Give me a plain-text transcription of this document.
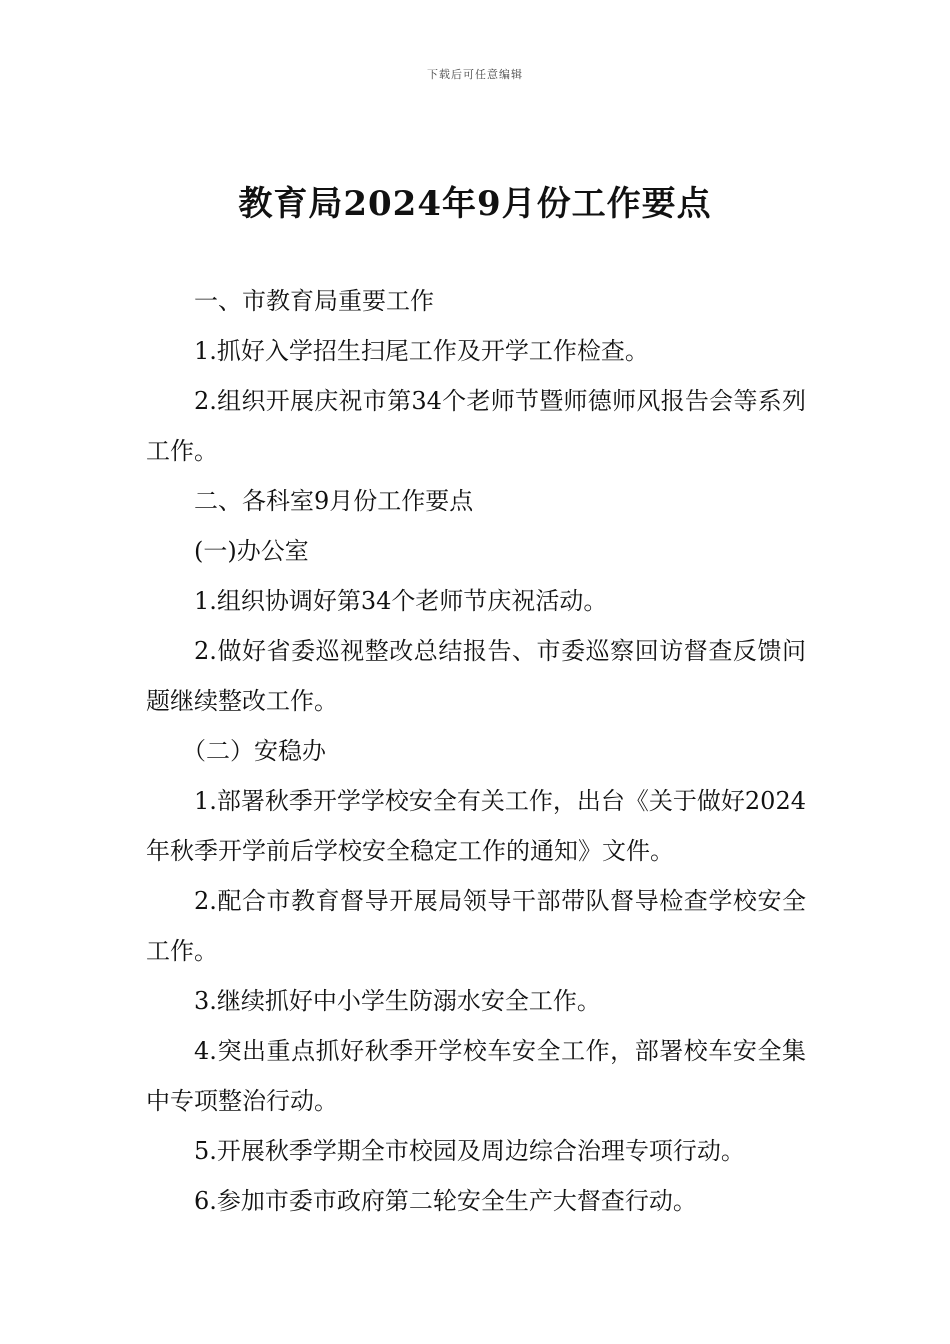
下载后可任意编辑
教育局2024年9月份工作要点

一、市教育局重要工作

1.抓好入学招生扫尾工作及开学工作检查。

2.组织开展庆祝市第34个老师节暨师德师风报告会等系列工作。

二、各科室9月份工作要点

(一)办公室

1.组织协调好第34个老师节庆祝活动。

2.做好省委巡视整改总结报告、市委巡察回访督查反馈问题继续整改工作。

（二）安稳办

1.部署秋季开学学校安全有关工作，出台《关于做好2024年秋季开学前后学校安全稳定工作的通知》文件。

2.配合市教育督导开展局领导干部带队督导检查学校安全工作。

3.继续抓好中小学生防溺水安全工作。

4.突出重点抓好秋季开学校车安全工作，部署校车安全集中专项整治行动。

5.开展秋季学期全市校园及周边综合治理专项行动。

6.参加市委市政府第二轮安全生产大督查行动。
